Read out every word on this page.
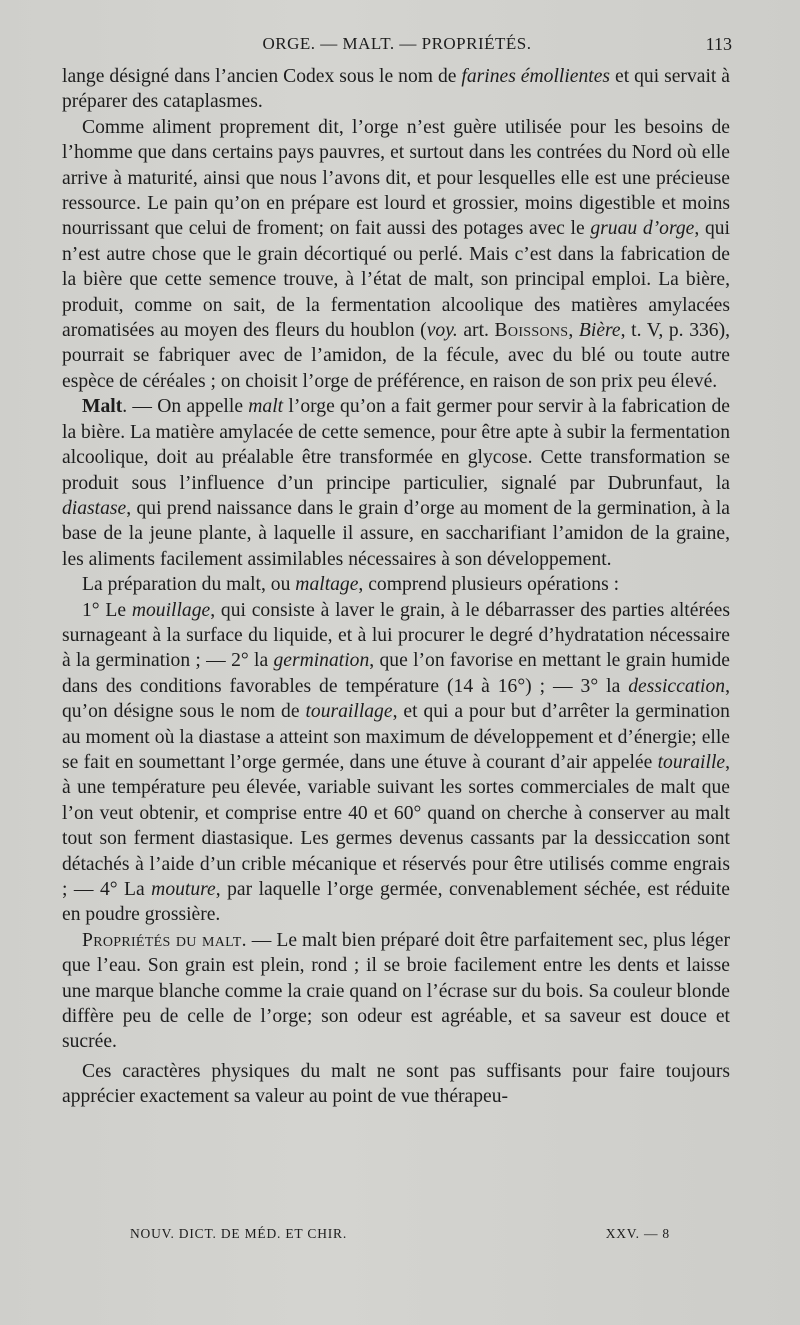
ORGE. — MALT. — PROPRIÉTÉS.	113

lange désigné dans l’ancien Codex sous le nom de farines émollientes et qui servait à préparer des cataplasmes.

Comme aliment proprement dit, l’orge n’est guère utilisée pour les besoins de l’homme que dans certains pays pauvres, et surtout dans les contrées du Nord où elle arrive à maturité, ainsi que nous l’avons dit, et pour lesquelles elle est une précieuse ressource. Le pain qu’on en prépare est lourd et grossier, moins digestible et moins nourrissant que celui de froment; on fait aussi des potages avec le gruau d’orge, qui n’est autre chose que le grain décortiqué ou perlé. Mais c’est dans la fabrication de la bière que cette semence trouve, à l’état de malt, son principal emploi. La bière, produit, comme on sait, de la fermentation alcoolique des matières amylacées aromatisées au moyen des fleurs du houblon (voy. art. Boissons, Bière, t. V, p. 336), pourrait se fabriquer avec de l’amidon, de la fécule, avec du blé ou toute autre espèce de céréales ; on choisit l’orge de préférence, en raison de son prix peu élevé.

Malt. — On appelle malt l’orge qu’on a fait germer pour servir à la fabrication de la bière. La matière amylacée de cette semence, pour être apte à subir la fermentation alcoolique, doit au préalable être transformée en glycose. Cette transformation se produit sous l’influence d’un principe particulier, signalé par Dubrunfaut, la diastase, qui prend naissance dans le grain d’orge au moment de la germination, à la base de la jeune plante, à laquelle il assure, en saccharifiant l’amidon de la graine, les aliments facilement assimilables nécessaires à son développement.

La préparation du malt, ou maltage, comprend plusieurs opérations :

1° Le mouillage, qui consiste à laver le grain, à le débarrasser des parties altérées surnageant à la surface du liquide, et à lui procurer le degré d’hydratation nécessaire à la germination ; — 2° la germination, que l’on favorise en mettant le grain humide dans des conditions favorables de température (14 à 16°) ; — 3° la dessiccation, qu’on désigne sous le nom de touraillage, et qui a pour but d’arrêter la germination au moment où la diastase a atteint son maximum de développement et d’énergie; elle se fait en soumettant l’orge germée, dans une étuve à courant d’air appelée touraille, à une température peu élevée, variable suivant les sortes commerciales de malt que l’on veut obtenir, et comprise entre 40 et 60° quand on cherche à conserver au malt tout son ferment diastasique. Les germes devenus cassants par la dessiccation sont détachés à l’aide d’un crible mécanique et réservés pour être utilisés comme engrais ; — 4° La mouture, par laquelle l’orge germée, convenablement séchée, est réduite en poudre grossière.

Propriétés du malt. — Le malt bien préparé doit être parfaitement sec, plus léger que l’eau. Son grain est plein, rond ; il se broie facilement entre les dents et laisse une marque blanche comme la craie quand on l’écrase sur du bois. Sa couleur blonde diffère peu de celle de l’orge; son odeur est agréable, et sa saveur est douce et sucrée.

Ces caractères physiques du malt ne sont pas suffisants pour faire toujours apprécier exactement sa valeur au point de vue thérapeu-

NOUV. DICT. DE MÉD. ET CHIR.	XXV. — 8
